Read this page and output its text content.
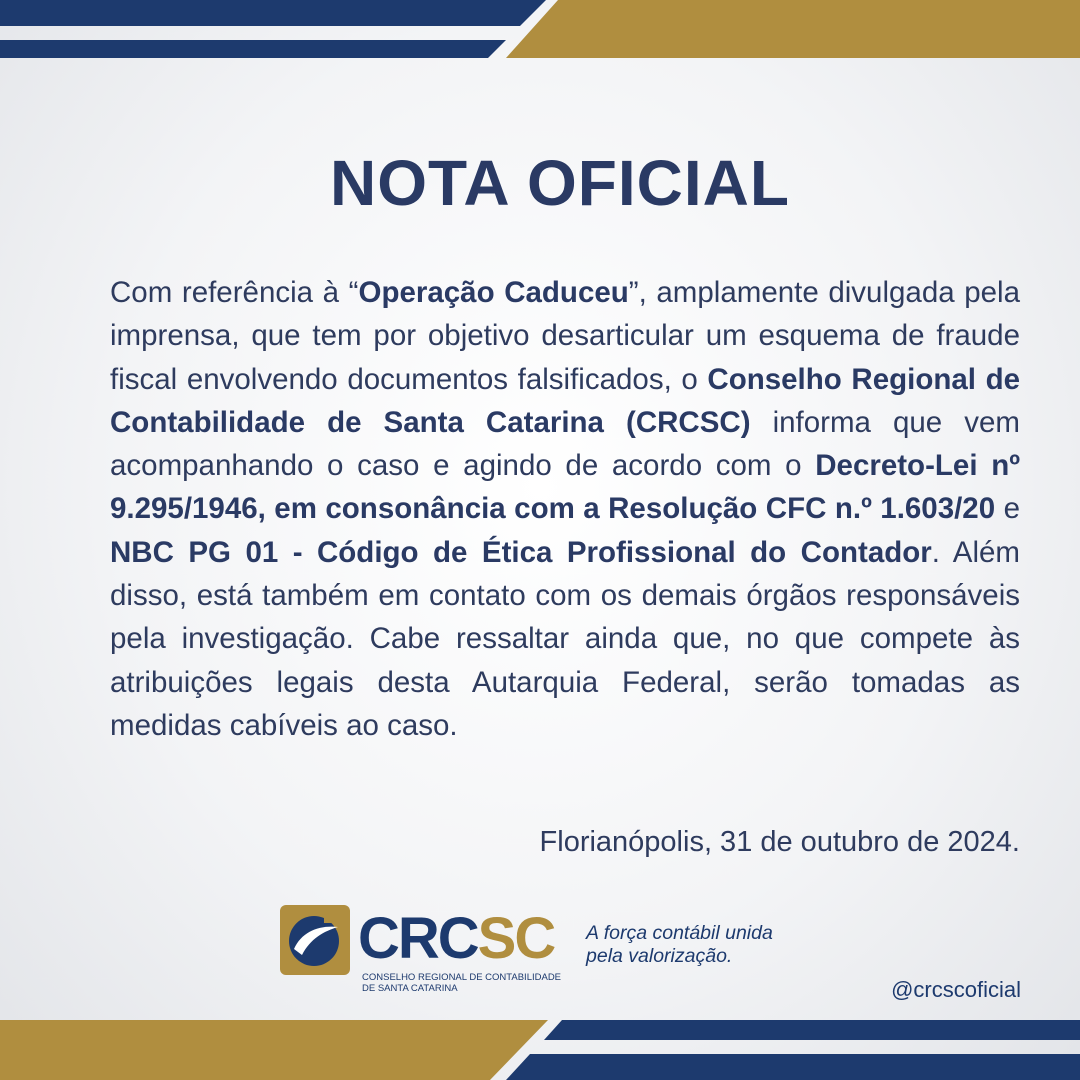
NOTA OFICIAL

Com referência à “Operação Caduceu”, amplamente divulgada pela imprensa, que tem por objetivo desarticular um esquema de fraude fiscal envolvendo documentos falsificados, o Conselho Regional de Contabilidade de Santa Catarina (CRCSC) informa que vem acompanhando o caso e agindo de acordo com o Decreto-Lei nº 9.295/1946, em consonância com a Resolução CFC n.º 1.603/20 e NBC PG 01 - Código de Ética Profissional do Contador. Além disso, está também em contato com os demais órgãos responsáveis pela investigação. Cabe ressaltar ainda que, no que compete às atribuições legais desta Autarquia Federal, serão tomadas as medidas cabíveis ao caso.

Florianópolis, 31 de outubro de 2024.

CRCSC

CONSELHO REGIONAL DE CONTABILIDADE
DE SANTA CATARINA

A força contábil unida
pela valorização.

@crcscoficial
